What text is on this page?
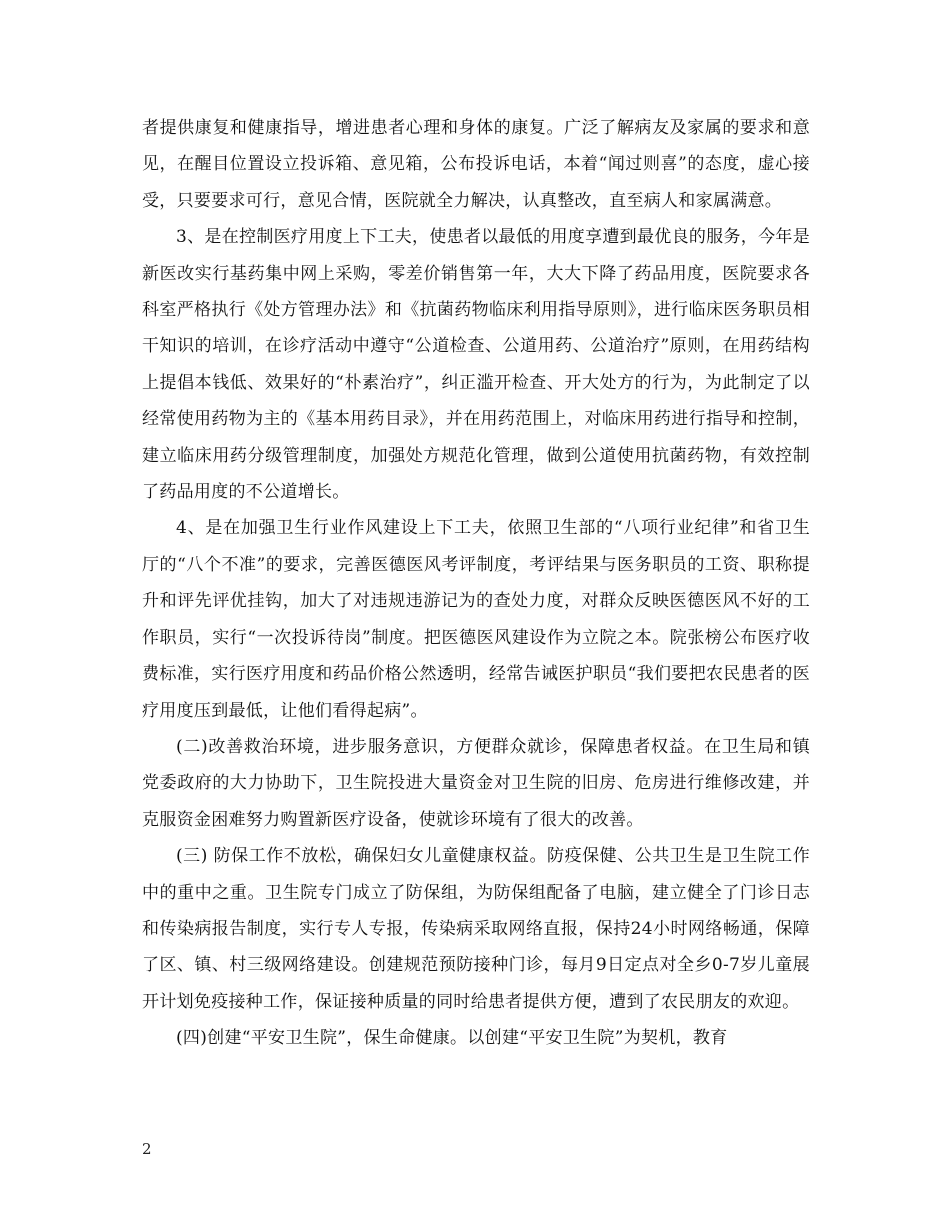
者提供康复和健康指导，增进患者心理和身体的康复。广泛了解病友及家属的要求和意见，在醒目位置设立投诉箱、意见箱，公布投诉电话，本着“闻过则喜”的态度，虚心接受，只要要求可行，意见合情，医院就全力解决，认真整改，直至病人和家属满意。

3、是在控制医疗用度上下工夫，使患者以最低的用度享遭到最优良的服务，今年是新医改实行基药集中网上采购，零差价销售第一年，大大下降了药品用度，医院要求各科室严格执行《处方管理办法》和《抗菌药物临床利用指导原则》，进行临床医务职员相干知识的培训，在诊疗活动中遵守“公道检查、公道用药、公道治疗”原则，在用药结构上提倡本钱低、效果好的“朴素治疗”，纠正滥开检查、开大处方的行为，为此制定了以经常使用药物为主的《基本用药目录》，并在用药范围上，对临床用药进行指导和控制，建立临床用药分级管理制度，加强处方规范化管理，做到公道使用抗菌药物，有效控制了药品用度的不公道增长。

4、是在加强卫生行业作风建设上下工夫，依照卫生部的“八项行业纪律”和省卫生厅的“八个不准”的要求，完善医德医风考评制度，考评结果与医务职员的工资、职称提升和评先评优挂钩，加大了对违规违游记为的查处力度，对群众反映医德医风不好的工作职员，实行“一次投诉待岗”制度。把医德医风建设作为立院之本。院张榜公布医疗收费标准，实行医疗用度和药品价格公然透明，经常告诫医护职员“我们要把农民患者的医疗用度压到最低，让他们看得起病”。

(二)改善救治环境，进步服务意识，方便群众就诊，保障患者权益。在卫生局和镇党委政府的大力协助下，卫生院投进大量资金对卫生院的旧房、危房进行维修改建，并克服资金困难努力购置新医疗设备，使就诊环境有了很大的改善。

(三) 防保工作不放松，确保妇女儿童健康权益。防疫保健、公共卫生是卫生院工作中的重中之重。卫生院专门成立了防保组，为防保组配备了电脑，建立健全了门诊日志和传染病报告制度，实行专人专报，传染病采取网络直报，保持24小时网络畅通，保障了区、镇、村三级网络建设。创建规范预防接种门诊，每月9日定点对全乡0-7岁儿童展开计划免疫接种工作，保证接种质量的同时给患者提供方便，遭到了农民朋友的欢迎。

(四)创建“平安卫生院”，保生命健康。以创建“平安卫生院”为契机，教育

2
